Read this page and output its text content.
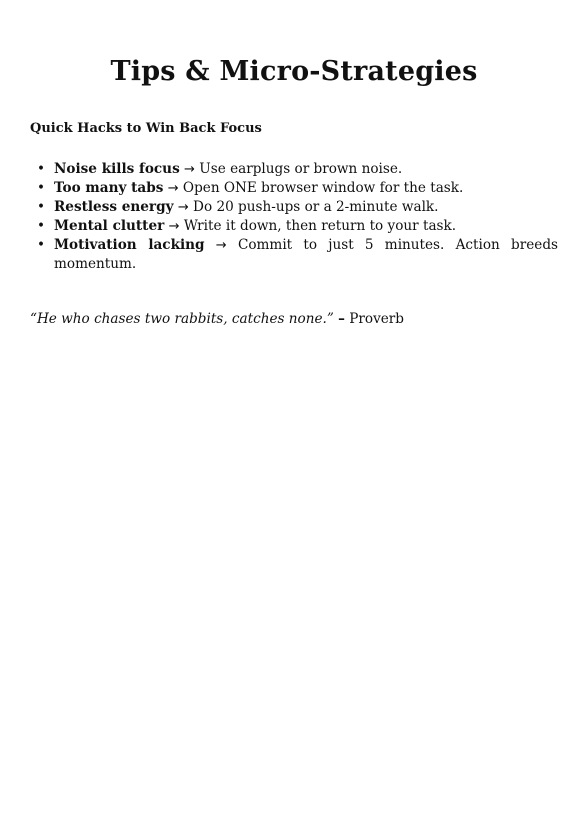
Tips & Micro-Strategies

Quick Hacks to Win Back Focus

• Noise kills focus → Use earplugs or brown noise.
• Too many tabs → Open ONE browser window for the task.
• Restless energy → Do 20 push-ups or a 2-minute walk.
• Mental clutter → Write it down, then return to your task.
• Motivation lacking → Commit to just 5 minutes. Action breeds momentum.

“He who chases two rabbits, catches none.” – Proverb
